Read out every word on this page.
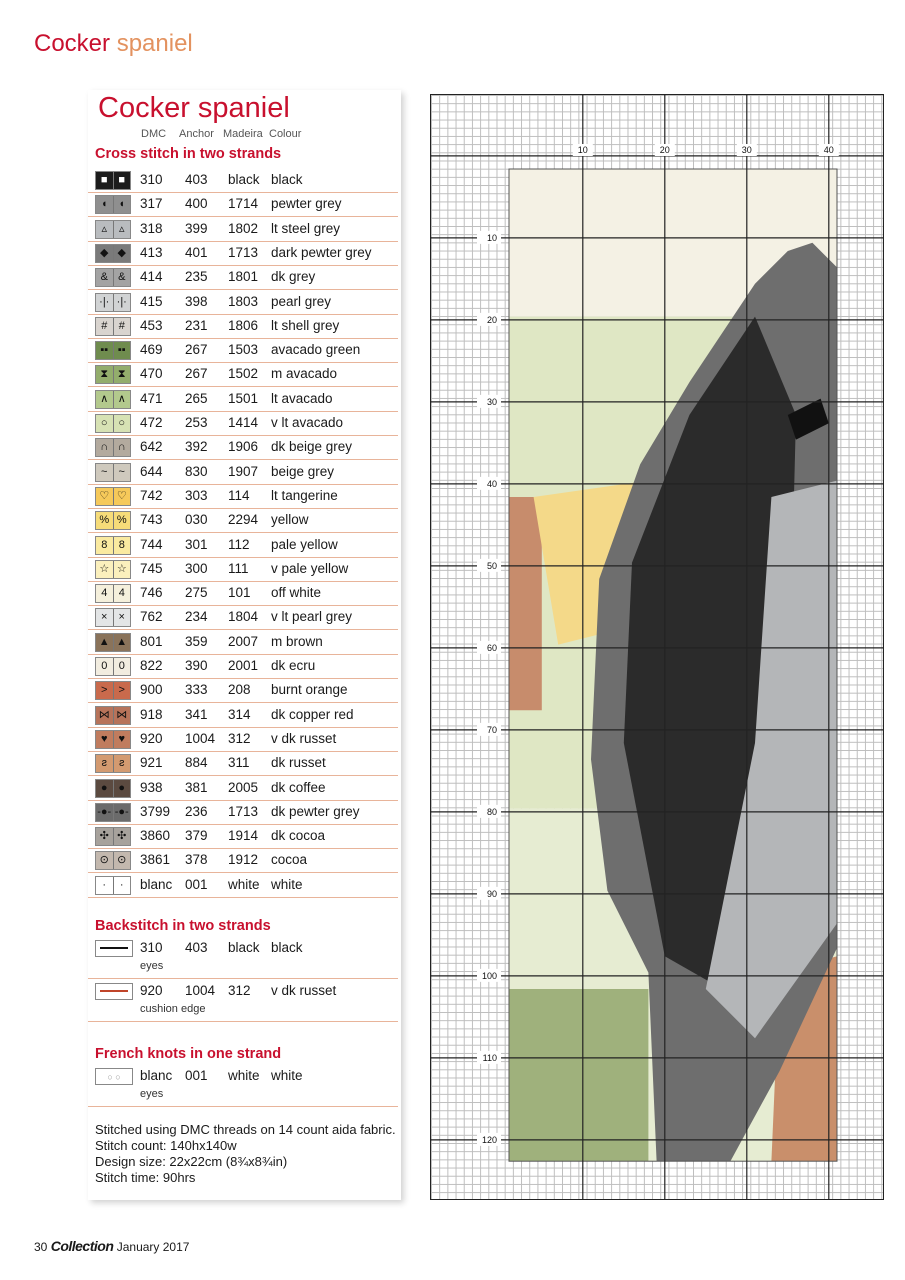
Cocker spaniel
Cocker spaniel
DMC Anchor Madeira Colour
Cross stitch in two strands
■ ■	310 403 black black
◖ ◖	317 400 1714 pewter grey
▵	▵	318 399 1802 lt steel grey
◆ ◆ 413 401 1713 dark pewter grey
& &	414 235 1801 dk grey
·|· ·|· 415 398 1803 pearl grey
#	#	453 231 1806 lt shell grey
▪▪ ▪▪	469 267 1503 avacado green
⧗ ⧗	470 267 1502 m avacado
∧ ∧	471 265 1501 lt avacado
○ ○	472 253 1414 v lt avacado
∩ ∩	642 392 1906 dk beige grey
~	~	644 830 1907 beige grey
♡ ♡ 742 303 114 lt tangerine
% % 743 030 2294 yellow
8	8	744 301 112 pale yellow
☆ ☆ 745 300 111 v pale yellow
4	4	746 275 101 off white
×	×	762 234 1804 v lt pearl grey
▲ ▲ 801 359 2007 m brown
0	0	822 390 2001 dk ecru
>	>	900 333 208 burnt orange
⋈ ⋈ 918 341 314 dk copper red
♥ ♥	920 1004 312 v dk russet
ƨ	ƨ	921 884 311 dk russet
● ●	938 381 2005 dk coffee
-●- -●- 3799 236 1713 dk pewter grey
✣ ✣ 3860 379 1914 dk cocoa
⊙ ⊙ 3861 378 1912 cocoa
·	·	blanc 001 white white
Backstitch in two strands
310 403 black black
eyes
920 1004 312 v dk russet
cushion edge
French knots in one strand
○ ○	blanc 001 white white
eyes
Stitched using DMC threads on 14 count aida fabric.
Stitch count: 140hx140w
Design size: 22x22cm (8¾x8¾in)
Stitch time: 90hrs
10	20	30	40
10
20
30
40
50
60
70
80
90
100
110
120
30 Collection January 2017
